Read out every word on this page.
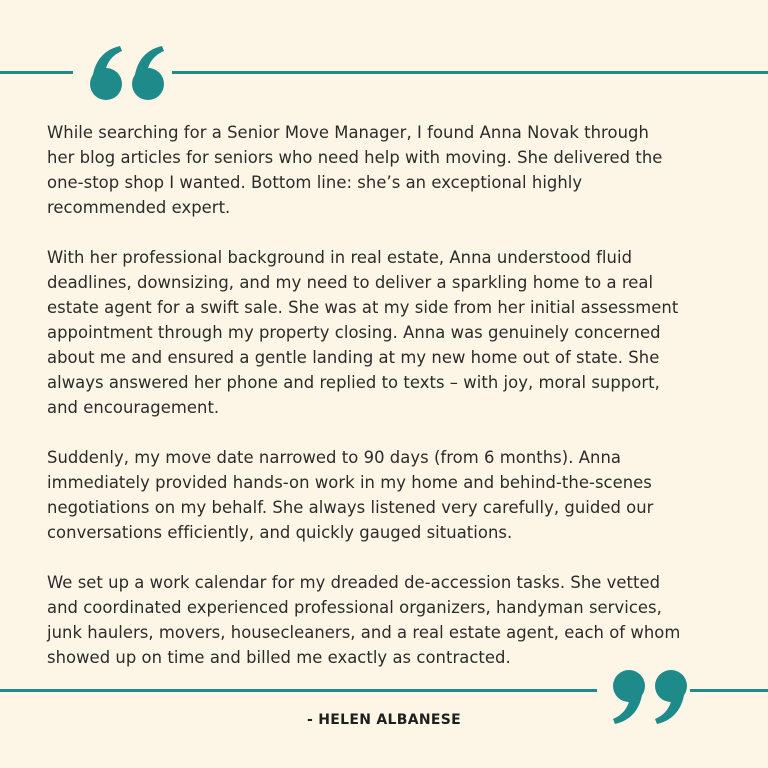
While searching for a Senior Move Manager, I found Anna Novak through
her blog articles for seniors who need help with moving. She delivered the
one-stop shop I wanted. Bottom line: she’s an exceptional highly
recommended expert.

With her professional background in real estate, Anna understood fluid
deadlines, downsizing, and my need to deliver a sparkling home to a real
estate agent for a swift sale. She was at my side from her initial assessment
appointment through my property closing. Anna was genuinely concerned
about me and ensured a gentle landing at my new home out of state. She
always answered her phone and replied to texts – with joy, moral support,
and encouragement.

Suddenly, my move date narrowed to 90 days (from 6 months). Anna
immediately provided hands-on work in my home and behind-the-scenes
negotiations on my behalf. She always listened very carefully, guided our
conversations efficiently, and quickly gauged situations.

We set up a work calendar for my dreaded de-accession tasks. She vetted
and coordinated experienced professional organizers, handyman services,
junk haulers, movers, housecleaners, and a real estate agent, each of whom
showed up on time and billed me exactly as contracted.

- HELEN ALBANESE
